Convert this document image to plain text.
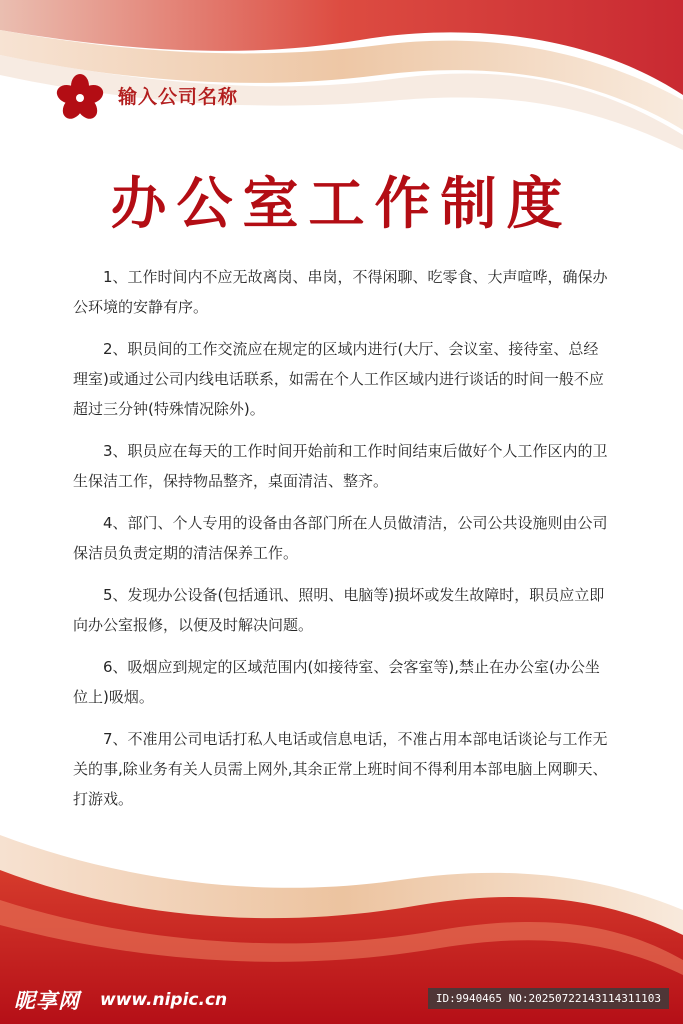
输入公司名称
办公室工作制度

1、工作时间内不应无故离岗、串岗，不得闲聊、吃零食、大声喧哗，确保办公环境的安静有序。

2、职员间的工作交流应在规定的区域内进行(大厅、会议室、接待室、总经理室)或通过公司内线电话联系，如需在个人工作区域内进行谈话的时间一般不应超过三分钟(特殊情况除外)。

3、职员应在每天的工作时间开始前和工作时间结束后做好个人工作区内的卫生保洁工作，保持物品整齐，桌面清洁、整齐。

4、部门、个人专用的设备由各部门所在人员做清洁，公司公共设施则由公司保洁员负责定期的清洁保养工作。

5、发现办公设备(包括通讯、照明、电脑等)损坏或发生故障时，职员应立即向办公室报修，以便及时解决问题。

6、吸烟应到规定的区域范围内(如接待室、会客室等),禁止在办公室(办公坐位上)吸烟。

7、不准用公司电话打私人电话或信息电话，不准占用本部电话谈论与工作无关的事,除业务有关人员需上网外,其余正常上班时间不得利用本部电脑上网聊天、打游戏。

昵享网 www.nipic.cn	ID:9940465 NO:20250722143114311103
